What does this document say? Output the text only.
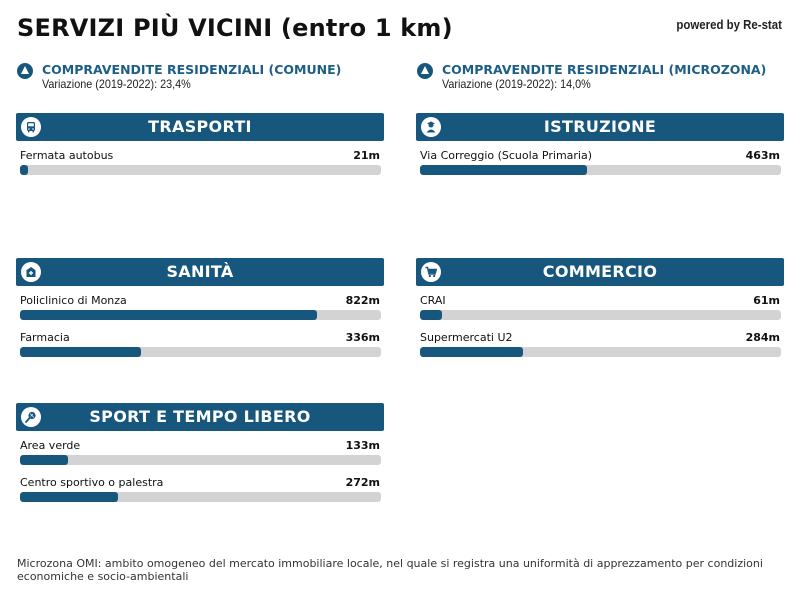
SERVIZI PIÙ VICINI (entro 1 km)	powered by Re-stat
COMPRAVENDITE RESIDENZIALI (COMUNE)
Variazione (2019-2022): 23,4%
COMPRAVENDITE RESIDENZIALI (MICROZONA)
Variazione (2019-2022): 14,0%
TRASPORTI
Fermata autobus	21m
ISTRUZIONE
Via Correggio (Scuola Primaria)	463m
SANITÀ
Policlinico di Monza	822m
Farmacia	336m
COMMERCIO
CRAI	61m
Supermercati U2	284m
SPORT E TEMPO LIBERO
Area verde	133m
Centro sportivo o palestra	272m
Microzona OMI: ambito omogeneo del mercato immobiliare locale, nel quale si registra una uniformità di apprezzamento per condizioni economiche e socio-ambientali
